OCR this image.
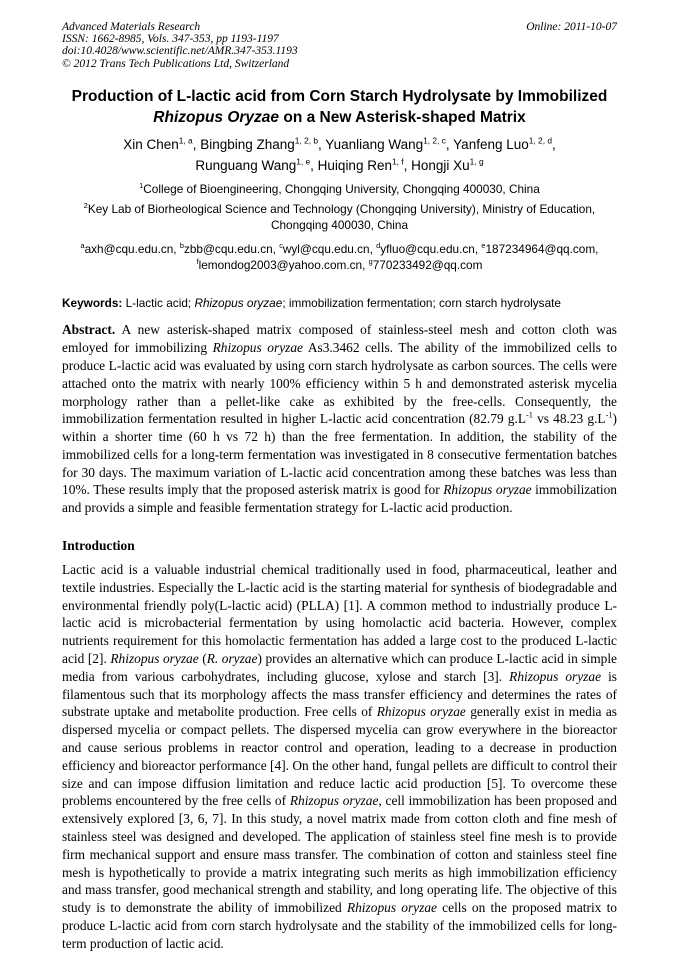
Advanced Materials Research
ISSN: 1662-8985, Vols. 347-353, pp 1193-1197
doi:10.4028/www.scientific.net/AMR.347-353.1193
© 2012 Trans Tech Publications Ltd, Switzerland
Online: 2011-10-07
Production of L-lactic acid from Corn Starch Hydrolysate by Immobilized
Rhizopus Oryzae on a New Asterisk-shaped Matrix
Xin Chen$^{1, a}$, Bingbing Zhang$^{1, 2, b}$, Yuanliang Wang$^{1, 2, c}$, Yanfeng Luo$^{1, 2, d}$,
Runguang Wang$^{1, e}$, Huiqing Ren$^{1, f}$, Hongji Xu$^{1, g}$
$^1$College of Bioengineering, Chongqing University, Chongqing 400030, China
$^2$Key Lab of Biorheological Science and Technology (Chongqing University), Ministry of Education,
Chongqing 400030, China
$^a$axh@cqu.edu.cn, $^b$zbb@cqu.edu.cn, $^c$wyl@cqu.edu.cn, $^d$yfluo@cqu.edu.cn, $^e$187234964@qq.com,
$^f$lemondog2003@yahoo.com.cn, $^g$770233492@qq.com
Keywords: L-lactic acid; Rhizopus oryzae; immobilization fermentation; corn starch hydrolysate

Abstract. A new asterisk-shaped matrix composed of stainless-steel mesh and cotton cloth was emloyed for immobilizing Rhizopus oryzae As3.3462 cells. The ability of the immobilized cells to produce L-lactic acid was evaluated by using corn starch hydrolysate as carbon sources. The cells were attached onto the matrix with nearly 100% efficiency within 5 h and demonstrated asterisk mycelia morphology rather than a pellet-like cake as exhibited by the free-cells. Consequently, the immobilization fermentation resulted in higher L-lactic acid concentration (82.79 $g.L^{-1}$ vs 48.23 $g.L^{-1}$) within a shorter time (60 h vs 72 h) than the free fermentation. In addition, the stability of the immobilized cells for a long-term fermentation was investigated in 8 consecutive fermentation batches for 30 days. The maximum variation of L-lactic acid concentration among these batches was less than 10%. These results imply that the proposed asterisk matrix is good for Rhizopus oryzae immobilization and provids a simple and feasible fermentation strategy for L-lactic acid production.

Introduction

Lactic acid is a valuable industrial chemical traditionally used in food, pharmaceutical, leather and textile industries. Especially the L-lactic acid is the starting material for synthesis of biodegradable and environmental friendly poly(L-lactic acid) (PLLA) [1]. A common method to industrially produce L-lactic acid is microbacterial fermentation by using homolactic acid bacteria. However, complex nutrients requirement for this homolactic fermentation has added a large cost to the produced L-lactic acid [2]. Rhizopus oryzae (R. oryzae) provides an alternative which can produce L-lactic acid in simple media from various carbohydrates, including glucose, xylose and starch [3]. Rhizopus oryzae is filamentous such that its morphology affects the mass transfer efficiency and determines the rates of substrate uptake and metabolite production. Free cells of Rhizopus oryzae generally exist in media as dispersed mycelia or compact pellets. The dispersed mycelia can grow everywhere in the bioreactor and cause serious problems in reactor control and operation, leading to a decrease in production efficiency and bioreactor performance [4]. On the other hand, fungal pellets are difficult to control their size and can impose diffusion limitation and reduce lactic acid production [5]. To overcome these problems encountered by the free cells of Rhizopus oryzae, cell immobilization has been proposed and extensively explored [3, 6, 7]. In this study, a novel matrix made from cotton cloth and fine mesh of stainless steel was designed and developed. The application of stainless steel fine mesh is to provide firm mechanical support and ensure mass transfer. The combination of cotton and stainless steel fine mesh is hypothetically to provide a matrix integrating such merits as high immobilization efficiency and mass transfer, good mechanical strength and stability, and long operating life. The objective of this study is to demonstrate the ability of immobilized Rhizopus oryzae cells on the proposed matrix to produce L-lactic acid from corn starch hydrolysate and the stability of the immobilized cells for long-term production of lactic acid.
